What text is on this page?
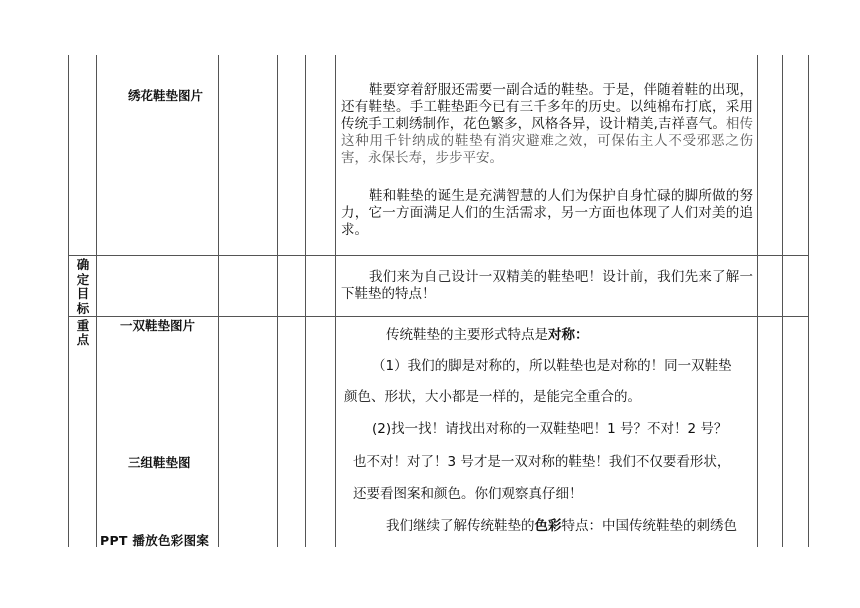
绣花鞋垫图片	鞋要穿着舒服还需要一副合适的鞋垫。于是，伴随着鞋的出现，还有鞋垫。手工鞋垫距今已有三千多年的历史。以纯棉布打底，采用传统手工刺绣制作，花色繁多，风格各异，设计精美,吉祥喜气。相传这种用千针纳成的鞋垫有消灾避难之效，可保佑主人不受邪恶之伤害，永保长寿，步步平安。
鞋和鞋垫的诞生是充满智慧的人们为保护自身忙碌的脚所做的努力，它一方面满足人们的生活需求，另一方面也体现了人们对美的追求。
确定目标
我们来为自己设计一双精美的鞋垫吧！设计前，我们先来了解一下鞋垫的特点！
重点
一双鞋垫图片
三组鞋垫图
PPT 播放色彩图案
传统鞋垫的主要形式特点是对称：
（1）我们的脚是对称的，所以鞋垫也是对称的！同一双鞋垫
颜色、形状，大小都是一样的，是能完全重合的。
(2)找一找！请找出对称的一双鞋垫吧！1 号？不对！2 号？
也不对！对了！3 号才是一双对称的鞋垫！我们不仅要看形状，
还要看图案和颜色。你们观察真仔细！
我们继续了解传统鞋垫的色彩特点：中国传统鞋垫的刺绣色
